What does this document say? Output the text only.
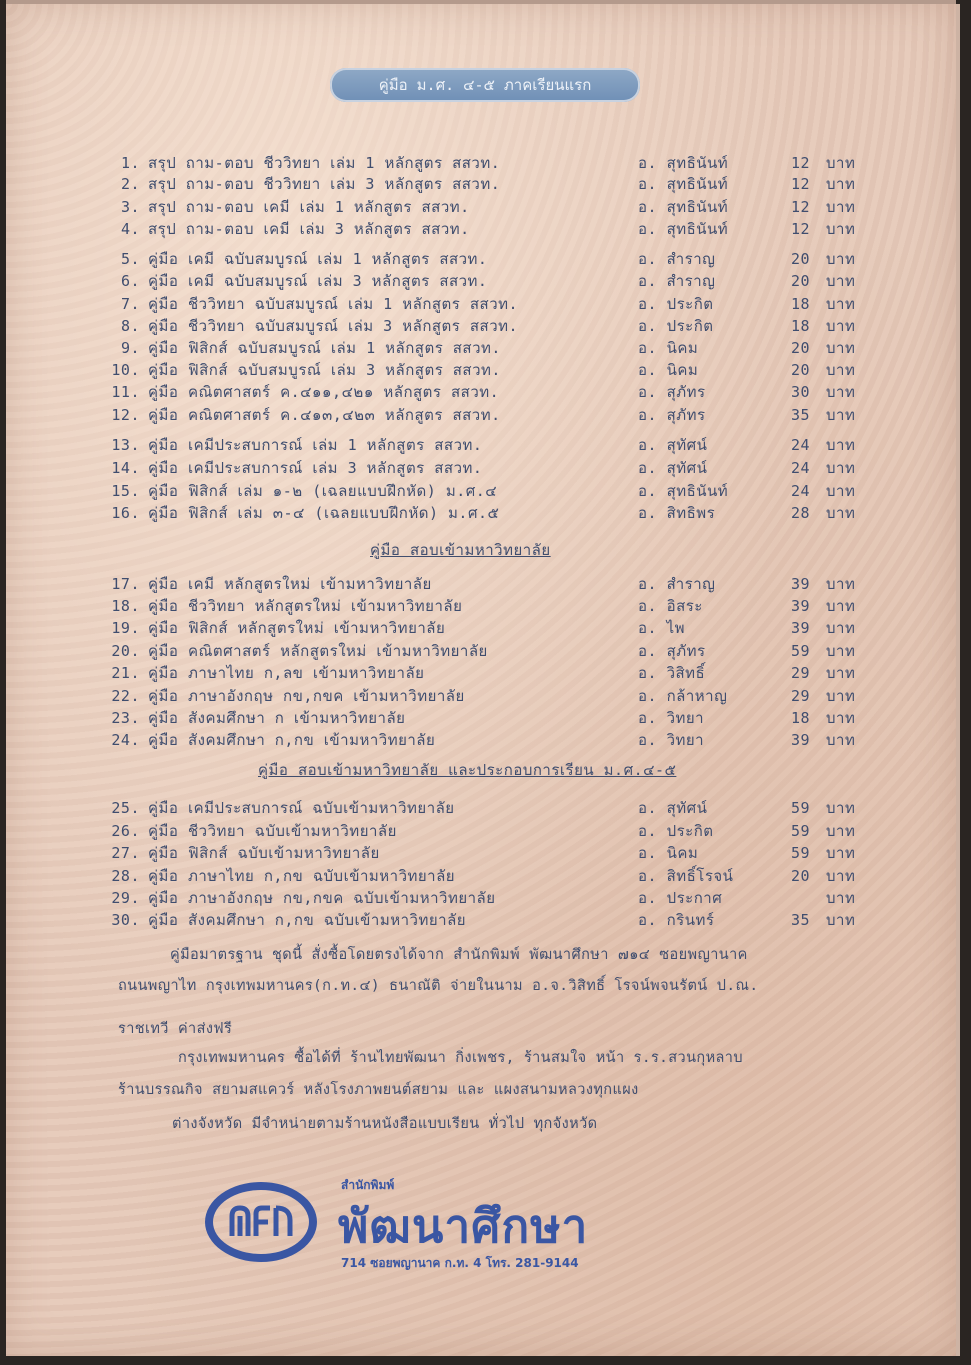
คู่มือ ม.ศ. ๔-๕ ภาคเรียนแรก
1. สรุป ถาม-ตอบ ชีววิทยา เล่ม 1 หลักสูตร สสวท.	อ. สุทธินันท์	12 บาท
2. สรุป ถาม-ตอบ ชีววิทยา เล่ม 3 หลักสูตร สสวท.	อ. สุทธินันท์	12 บาท
3. สรุป ถาม-ตอบ เคมี เล่ม 1 หลักสูตร สสวท.	อ. สุทธินันท์	12 บาท
4. สรุป ถาม-ตอบ เคมี เล่ม 3 หลักสูตร สสวท.	อ. สุทธินันท์	12 บาท
5. คู่มือ เคมี ฉบับสมบูรณ์ เล่ม 1 หลักสูตร สสวท.	อ. สำราญ	20 บาท
6. คู่มือ เคมี ฉบับสมบูรณ์ เล่ม 3 หลักสูตร สสวท.	อ. สำราญ	20 บาท
7. คู่มือ ชีววิทยา ฉบับสมบูรณ์ เล่ม 1 หลักสูตร สสวท.	อ. ประกิต	18 บาท
8. คู่มือ ชีววิทยา ฉบับสมบูรณ์ เล่ม 3 หลักสูตร สสวท.	อ. ประกิต	18 บาท
9. คู่มือ ฟิสิกส์ ฉบับสมบูรณ์ เล่ม 1 หลักสูตร สสวท.	อ. นิคม	20 บาท
10. คู่มือ ฟิสิกส์ ฉบับสมบูรณ์ เล่ม 3 หลักสูตร สสวท.	อ. นิคม	20 บาท
11. คู่มือ คณิตศาสตร์ ค.๔๑๑,๔๒๑ หลักสูตร สสวท.	อ. สุภัทร	30 บาท
12. คู่มือ คณิตศาสตร์ ค.๔๑๓,๔๒๓ หลักสูตร สสวท.	อ. สุภัทร	35 บาท
13. คู่มือ เคมีประสบการณ์ เล่ม 1 หลักสูตร สสวท.	อ. สุทัศน์	24 บาท
14. คู่มือ เคมีประสบการณ์ เล่ม 3 หลักสูตร สสวท.	อ. สุทัศน์	24 บาท
15. คู่มือ ฟิสิกส์ เล่ม ๑-๒ (เฉลยแบบฝึกหัด) ม.ศ.๔	อ. สุทธินันท์	24 บาท
16. คู่มือ ฟิสิกส์ เล่ม ๓-๔ (เฉลยแบบฝึกหัด) ม.ศ.๕	อ. สิทธิพร	28 บาท
17. คู่มือ เคมี หลักสูตรใหม่ เข้ามหาวิทยาลัย	อ. สำราญ	39 บาท
18. คู่มือ ชีววิทยา หลักสูตรใหม่ เข้ามหาวิทยาลัย	อ. อิสระ	39 บาท
19. คู่มือ ฟิสิกส์ หลักสูตรใหม่ เข้ามหาวิทยาลัย	อ. ไพ	39 บาท
20. คู่มือ คณิตศาสตร์ หลักสูตรใหม่ เข้ามหาวิทยาลัย	อ. สุภัทร	59 บาท
21. คู่มือ ภาษาไทย ก,ลข เข้ามหาวิทยาลัย	อ. วิสิทธิ์	29 บาท
22. คู่มือ ภาษาอังกฤษ กข,กขค เข้ามหาวิทยาลัย	อ. กล้าหาญ	29 บาท
23. คู่มือ สังคมศึกษา ก เข้ามหาวิทยาลัย	อ. วิทยา	18 บาท
24. คู่มือ สังคมศึกษา ก,กข เข้ามหาวิทยาลัย	อ. วิทยา	39 บาท
25. คู่มือ เคมีประสบการณ์ ฉบับเข้ามหาวิทยาลัย	อ. สุทัศน์	59 บาท
26. คู่มือ ชีววิทยา ฉบับเข้ามหาวิทยาลัย	อ. ประกิต	59 บาท
27. คู่มือ ฟิสิกส์ ฉบับเข้ามหาวิทยาลัย	อ. นิคม	59 บาท
28. คู่มือ ภาษาไทย ก,กข ฉบับเข้ามหาวิทยาลัย	อ. สิทธิ์โรจน์	20 บาท
29. คู่มือ ภาษาอังกฤษ กข,กขค ฉบับเข้ามหาวิทยาลัย	อ. ประกาศ	บาท
30. คู่มือ สังคมศึกษา ก,กข ฉบับเข้ามหาวิทยาลัย	อ. กรินทร์	35 บาท
คู่มือ สอบเข้ามหาวิทยาลัย
คู่มือ สอบเข้ามหาวิทยาลัย และประกอบการเรียน ม.ศ.๔-๕
คู่มือมาตรฐาน ชุดนี้ สั่งซื้อโดยตรงได้จาก สำนักพิมพ์ พัฒนาศึกษา ๗๑๔ ซอยพญานาค
ถนนพญาไท กรุงเทพมหานคร(ก.ท.๔) ธนาณัติ จ่ายในนาม อ.จ.วิสิทธิ์ โรจน์พจนรัตน์ ป.ณ.
ราชเทวี ค่าส่งฟรี
กรุงเทพมหานคร ซื้อได้ที่ ร้านไทยพัฒนา กิ่งเพชร, ร้านสมใจ หน้า ร.ร.สวนกุหลาบ
ร้านบรรณกิจ สยามสแควร์ หลังโรงภาพยนต์สยาม และ แผงสนามหลวงทุกแผง
ต่างจังหวัด มีจำหน่ายตามร้านหนังสือแบบเรียน ทั่วไป ทุกจังหวัด
สำนักพิมพ์
พัฒนาศึกษา
714 ซอยพญานาค ก.ท. 4 โทร. 281-9144
